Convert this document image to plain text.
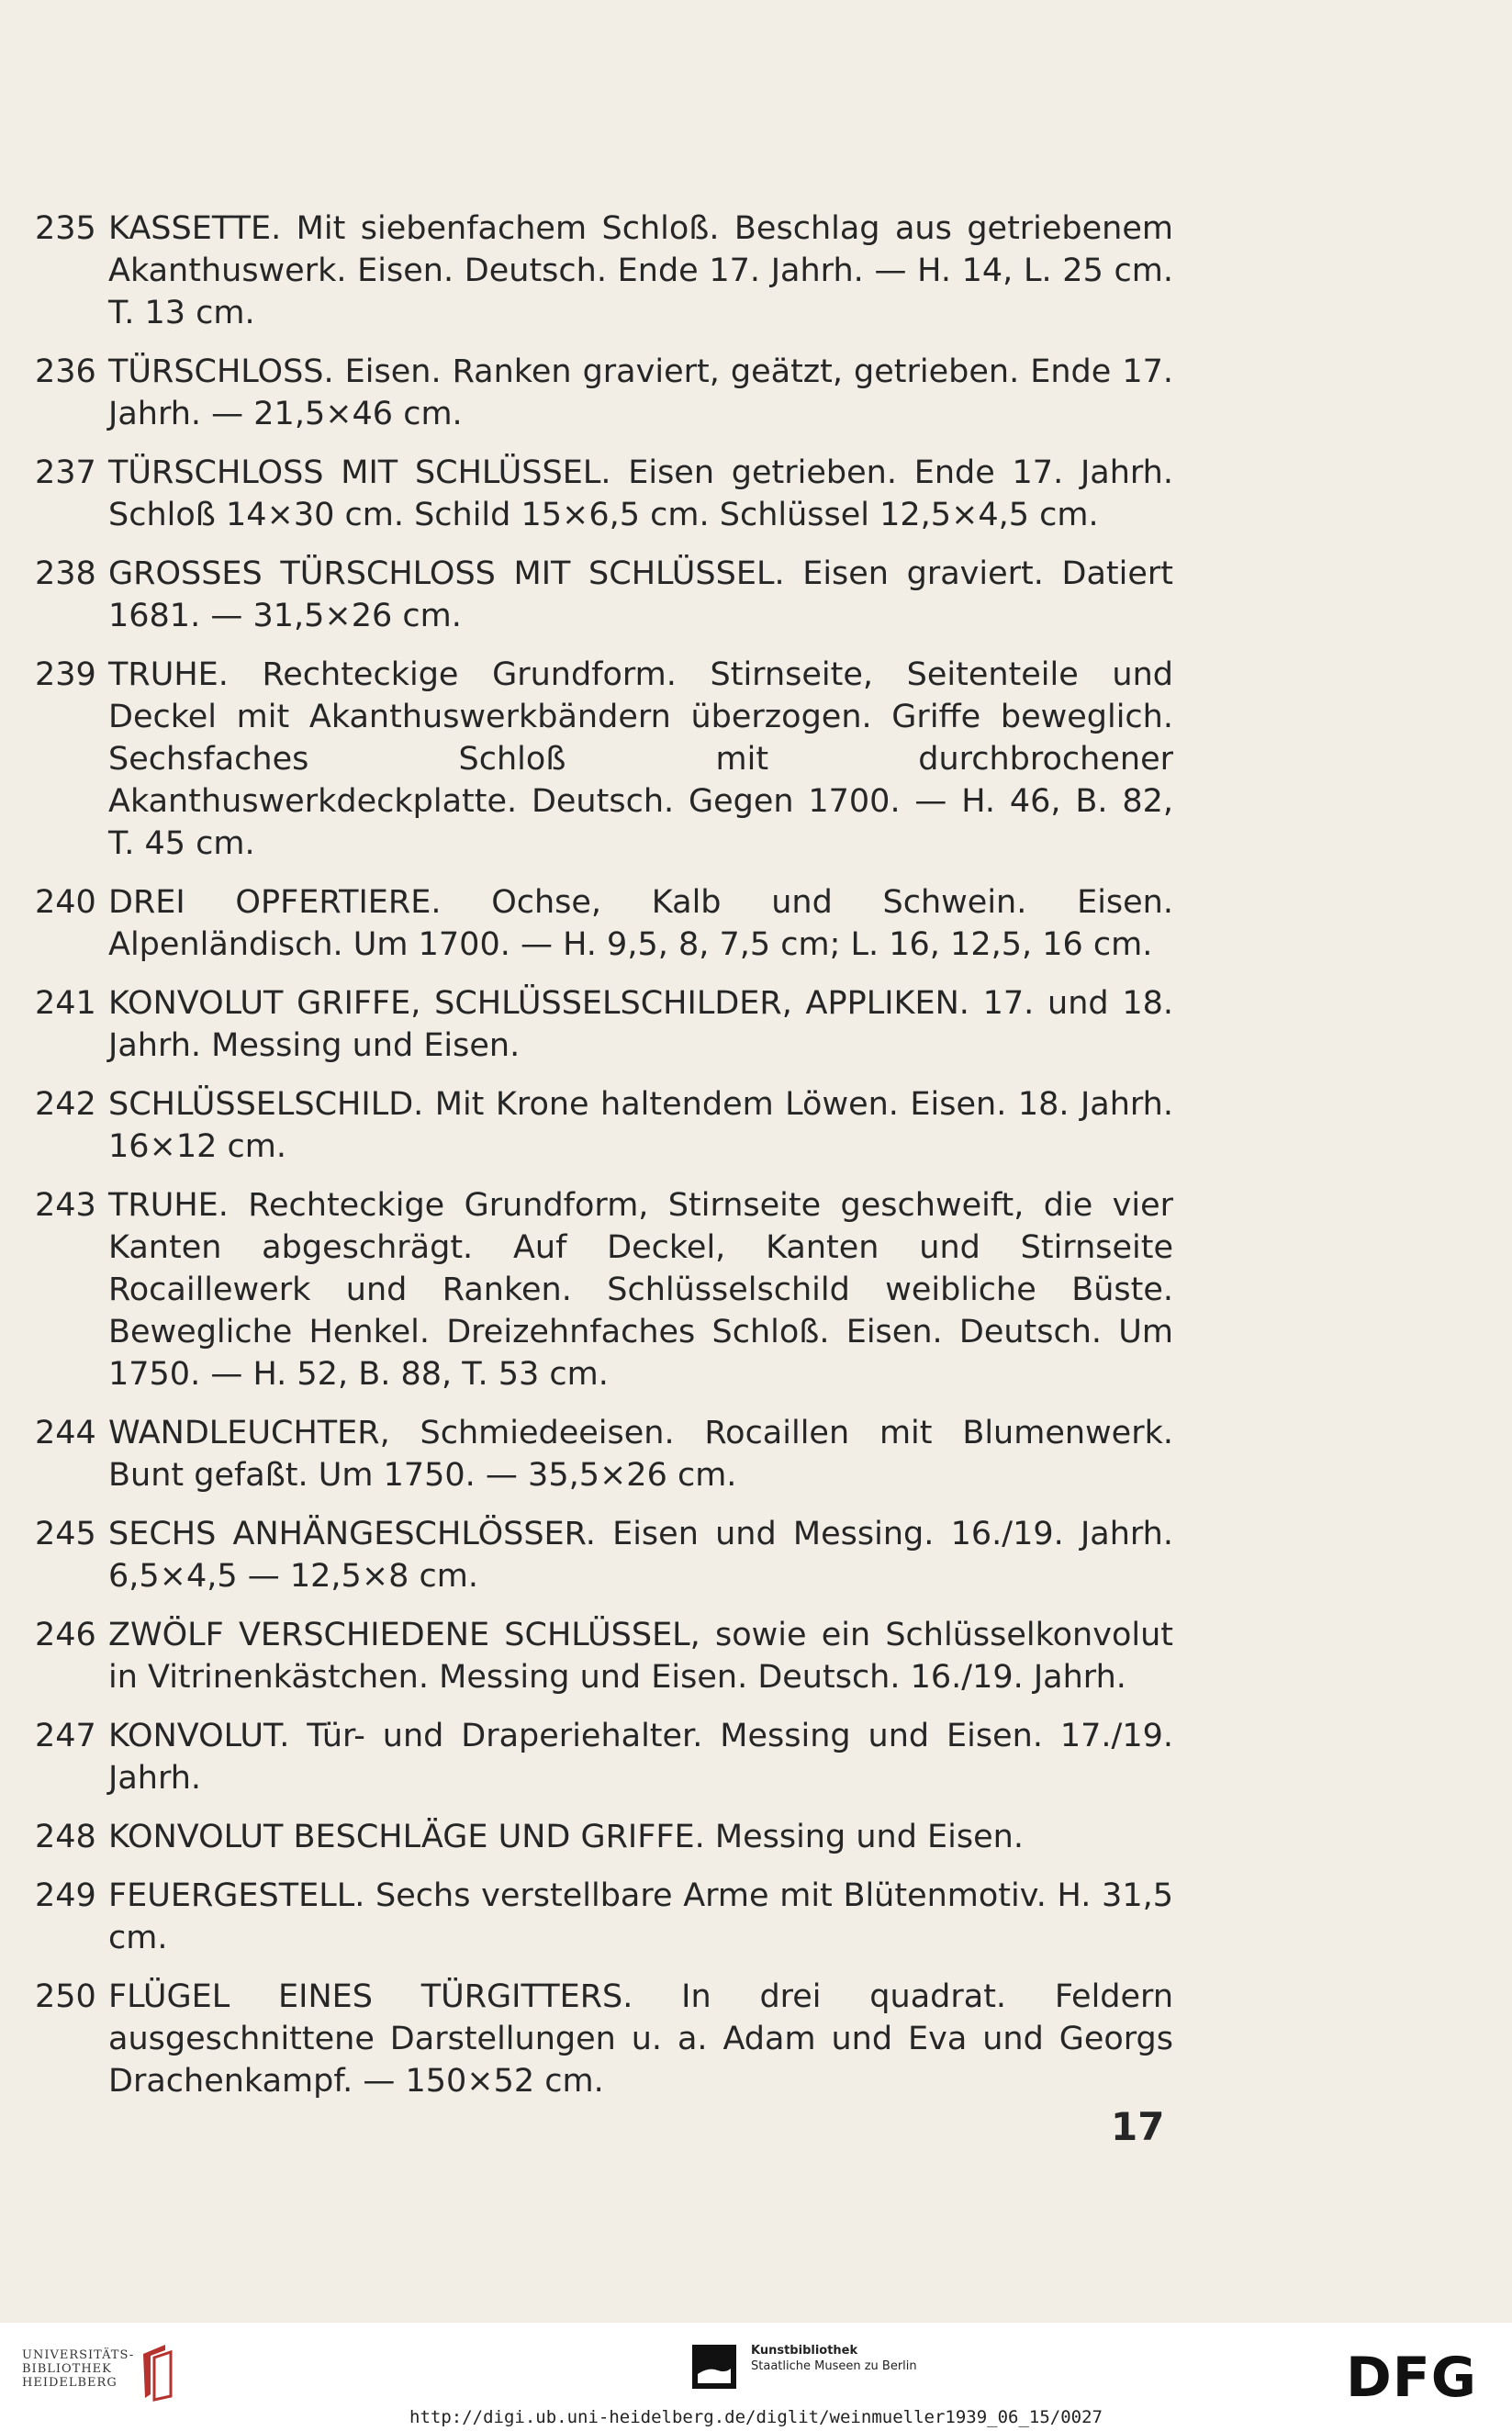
235 KASSETTE. Mit siebenfachem Schloß. Beschlag aus getriebenem Akanthuswerk. Eisen. Deutsch. Ende 17. Jahrh. — H. 14, L. 25 cm. T. 13 cm.
236 TÜRSCHLOSS. Eisen. Ranken graviert, geätzt, getrieben. Ende 17. Jahrh. — 21,5×46 cm.
237 TÜRSCHLOSS MIT SCHLÜSSEL. Eisen getrieben. Ende 17. Jahrh. Schloß 14×30 cm. Schild 15×6,5 cm. Schlüssel 12,5×4,5 cm.
238 GROSSES TÜRSCHLOSS MIT SCHLÜSSEL. Eisen graviert. Datiert 1681. — 31,5×26 cm.
239 TRUHE. Rechteckige Grundform. Stirnseite, Seitenteile und Deckel mit Akanthuswerkbändern überzogen. Griffe beweglich. Sechsfaches Schloß mit durchbrochener Akanthuswerkdeckplatte. Deutsch. Gegen 1700. — H. 46, B. 82, T. 45 cm.
240 DREI OPFERTIERE. Ochse, Kalb und Schwein. Eisen. Alpenländisch. Um 1700. — H. 9,5, 8, 7,5 cm; L. 16, 12,5, 16 cm.
241 KONVOLUT GRIFFE, SCHLÜSSELSCHILDER, APPLIKEN. 17. und 18. Jahrh. Messing und Eisen.
242 SCHLÜSSELSCHILD. Mit Krone haltendem Löwen. Eisen. 18. Jahrh. 16×12 cm.
243 TRUHE. Rechteckige Grundform, Stirnseite geschweift, die vier Kanten abgeschrägt. Auf Deckel, Kanten und Stirnseite Rocaillewerk und Ranken. Schlüsselschild weibliche Büste. Bewegliche Henkel. Dreizehnfaches Schloß. Eisen. Deutsch. Um 1750. — H. 52, B. 88, T. 53 cm.
244 WANDLEUCHTER, Schmiedeeisen. Rocaillen mit Blumenwerk. Bunt gefaßt. Um 1750. — 35,5×26 cm.
245 SECHS ANHÄNGESCHLÖSSER. Eisen und Messing. 16./19. Jahrh. 6,5×4,5 — 12,5×8 cm.
246 ZWÖLF VERSCHIEDENE SCHLÜSSEL, sowie ein Schlüsselkonvolut in Vitrinenkästchen. Messing und Eisen. Deutsch. 16./19. Jahrh.
247 KONVOLUT. Tür- und Draperiehalter. Messing und Eisen. 17./19. Jahrh.
248 KONVOLUT BESCHLÄGE UND GRIFFE. Messing und Eisen.
249 FEUERGESTELL. Sechs verstellbare Arme mit Blütenmotiv. H. 31,5 cm.
250 FLÜGEL EINES TÜRGITTERS. In drei quadrat. Feldern ausgeschnittene Darstellungen u. a. Adam und Eva und Georgs Drachenkampf. — 150×52 cm.
17
UNIVERSITÄTS-
BIBLIOTHEK
HEIDELBERG
Kunstbibliothek
Staatliche Museen zu Berlin	DFG
http://digi.ub.uni-heidelberg.de/diglit/weinmueller1939_06_15/0027
